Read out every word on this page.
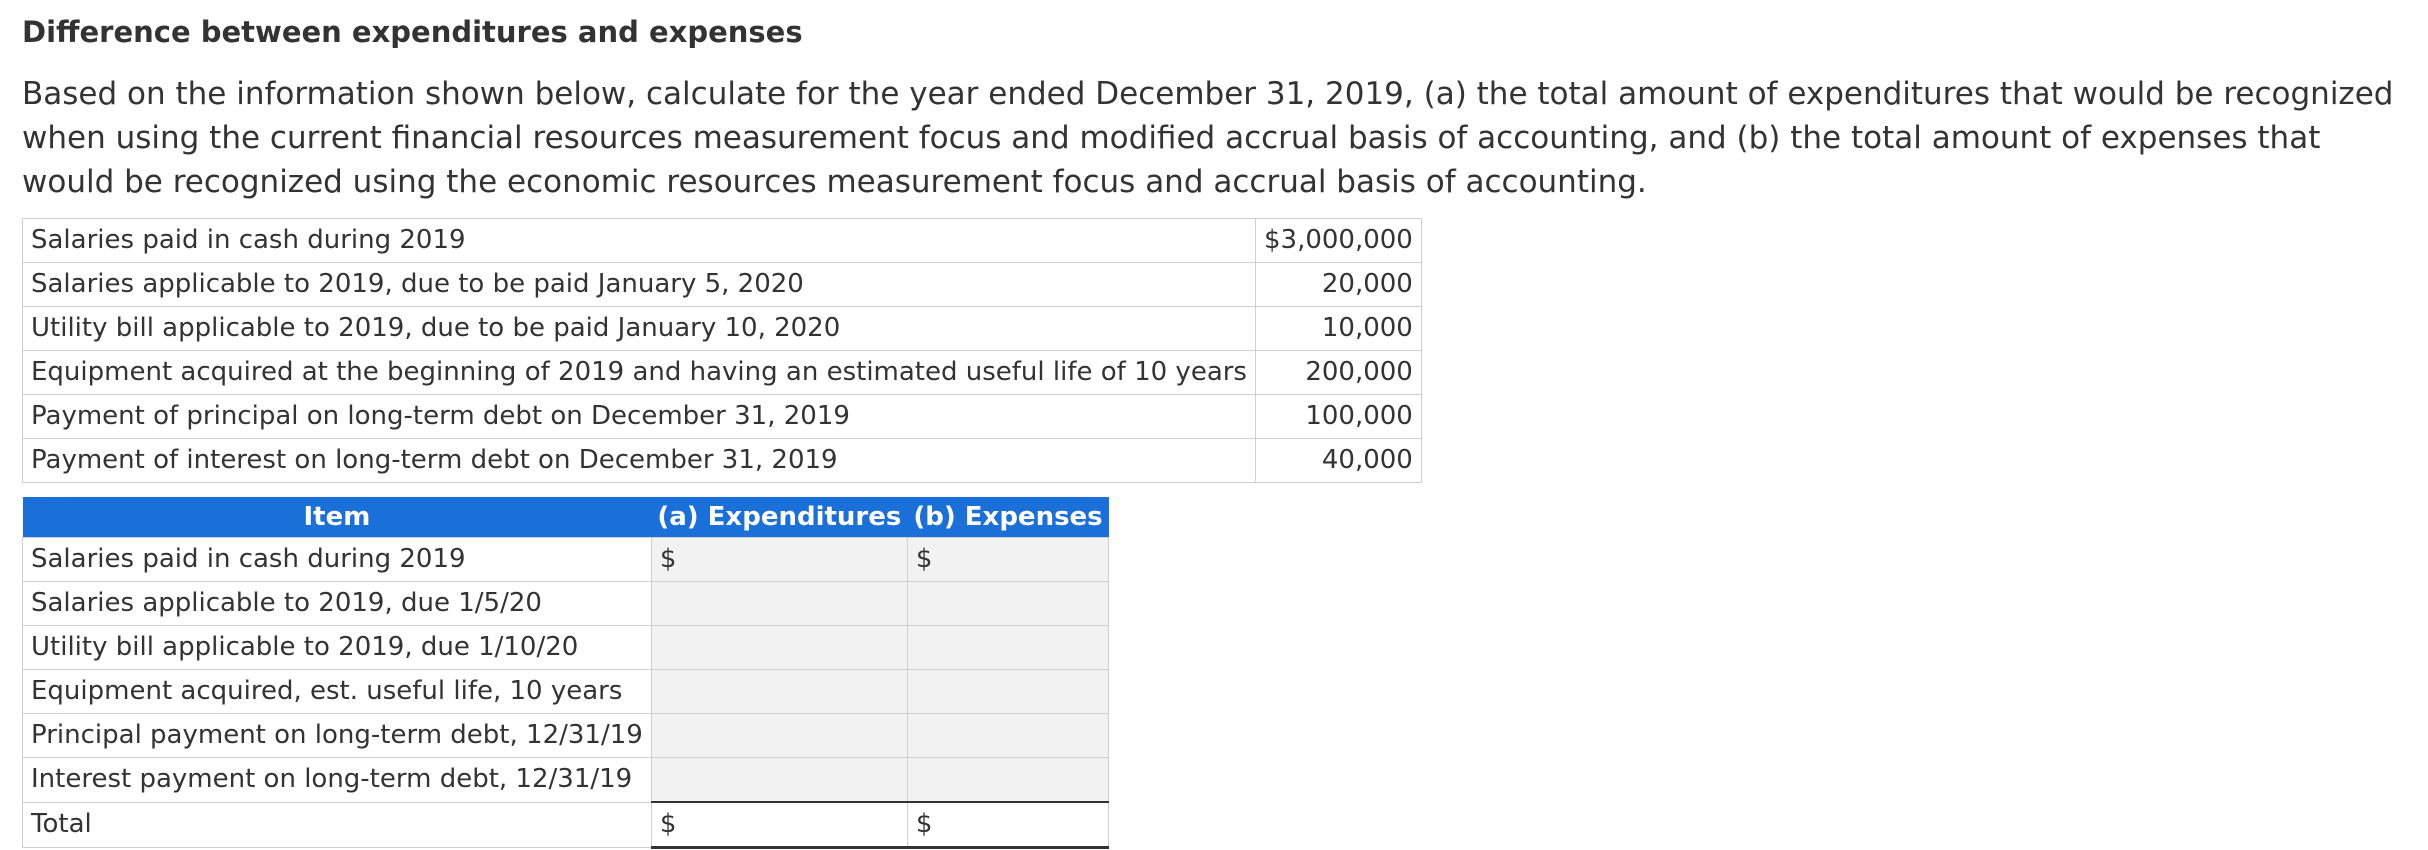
Difference between expenditures and expenses
Based on the information shown below, calculate for the year ended December 31, 2019, (a) the total amount of expenditures that would be recognized when using the current financial resources measurement focus and modified accrual basis of accounting, and (b) the total amount of expenses that would be recognized using the economic resources measurement focus and accrual basis of accounting.
Salaries paid in cash during 2019	$3,000,000
Salaries applicable to 2019, due to be paid January 5, 2020	20,000
Utility bill applicable to 2019, due to be paid January 10, 2020	10,000
Equipment acquired at the beginning of 2019 and having an estimated useful life of 10 years	200,000
Payment of principal on long-term debt on December 31, 2019	100,000
Payment of interest on long-term debt on December 31, 2019	40,000
Item	(a) Expenditures	(b) Expenses
Salaries paid in cash during 2019	$	$
Salaries applicable to 2019, due 1/5/20		
Utility bill applicable to 2019, due 1/10/20		
Equipment acquired, est. useful life, 10 years		
Principal payment on long-term debt, 12/31/19		
Interest payment on long-term debt, 12/31/19		
Total	$	$
